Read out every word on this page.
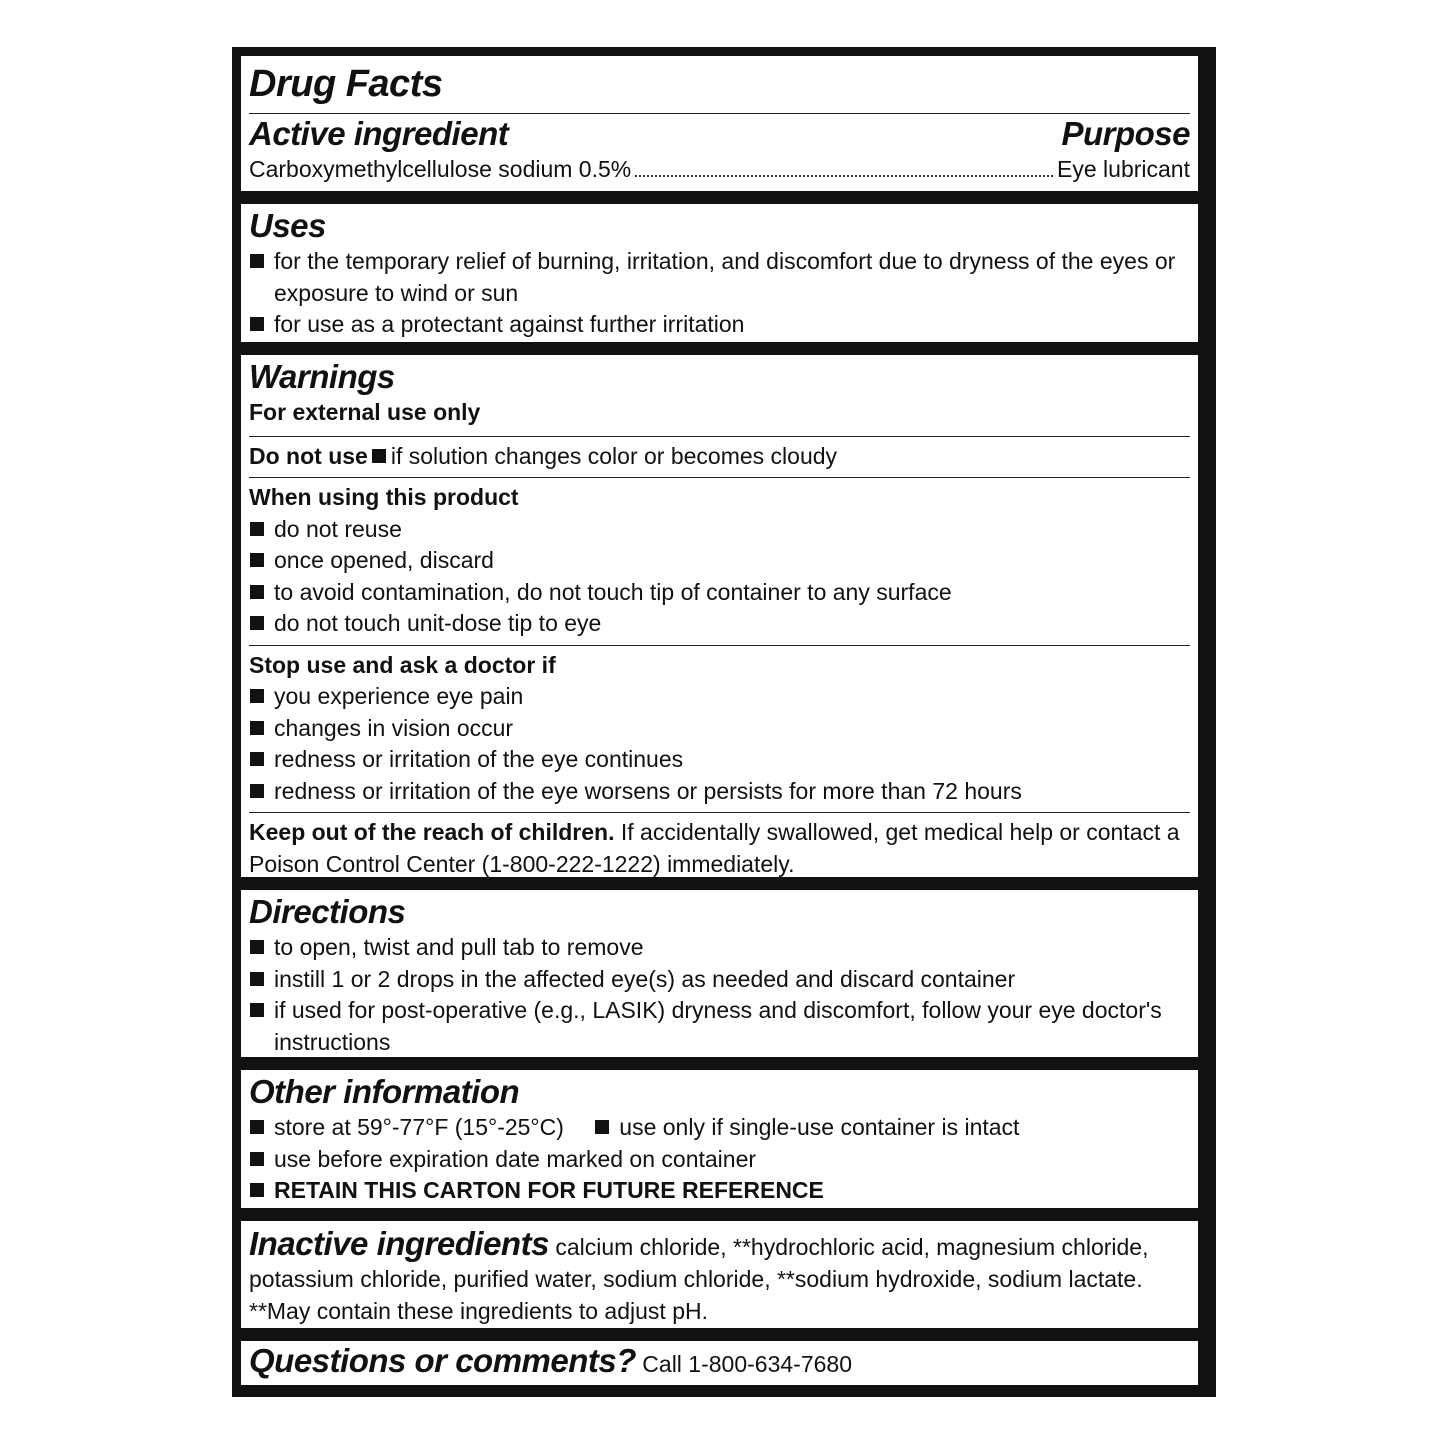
Drug Facts
Active ingredient	Purpose
Carboxymethylcellulose sodium 0.5%	Eye lubricant
Uses
for the temporary relief of burning, irritation, and discomfort due to dryness of the eyes or exposure to wind or sun
for use as a protectant against further irritation
Warnings
For external use only
Do not use if solution changes color or becomes cloudy
When using this product
do not reuse
once opened, discard
to avoid contamination, do not touch tip of container to any surface
do not touch unit-dose tip to eye
Stop use and ask a doctor if
you experience eye pain
changes in vision occur
redness or irritation of the eye continues
redness or irritation of the eye worsens or persists for more than 72 hours
Keep out of the reach of children. If accidentally swallowed, get medical help or contact a Poison Control Center (1-800-222-1222) immediately.
Directions
to open, twist and pull tab to remove
instill 1 or 2 drops in the affected eye(s) as needed and discard container
if used for post-operative (e.g., LASIK) dryness and discomfort, follow your eye doctor's instructions
Other information
store at 59°-77°F (15°-25°C) use only if single-use container is intact
use before expiration date marked on container
RETAIN THIS CARTON FOR FUTURE REFERENCE
Inactive ingredients calcium chloride, **hydrochloric acid, magnesium chloride, potassium chloride, purified water, sodium chloride, **sodium hydroxide, sodium lactate. **May contain these ingredients to adjust pH.
Questions or comments? Call 1-800-634-7680
